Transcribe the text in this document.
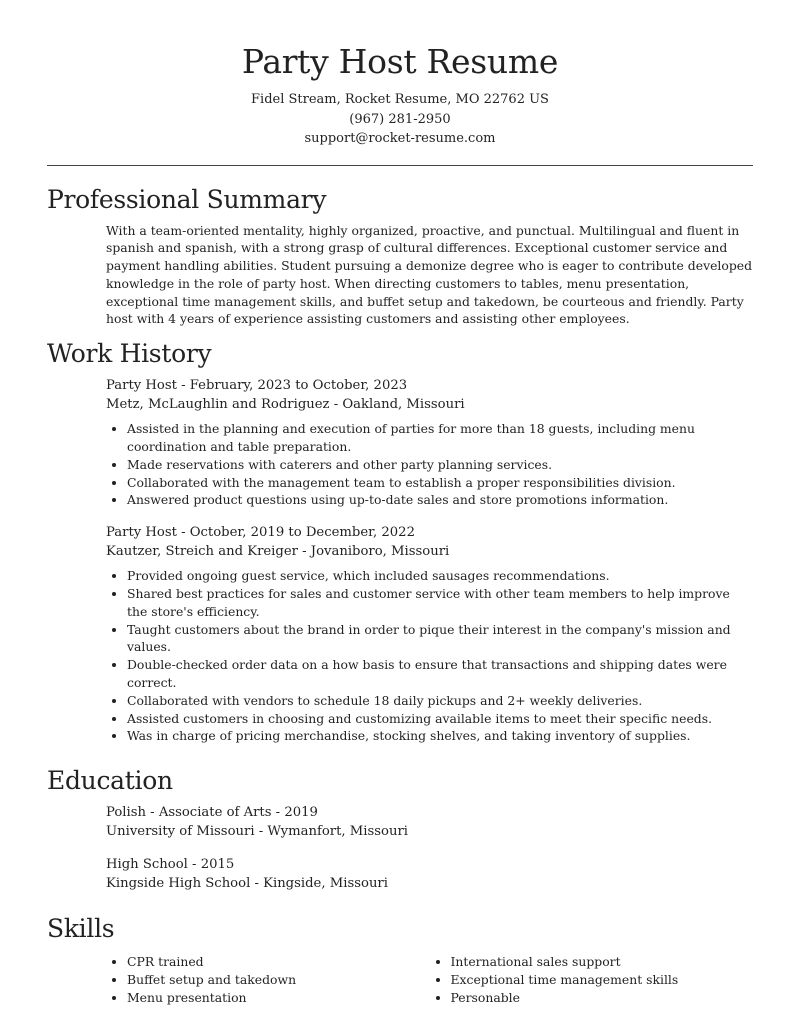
Party Host Resume
Fidel Stream, Rocket Resume, MO 22762 US
(967) 281-2950
support@rocket-resume.com
Professional Summary
With a team-oriented mentality, highly organized, proactive, and punctual. Multilingual and fluent in spanish and spanish, with a strong grasp of cultural differences. Exceptional customer service and payment handling abilities. Student pursuing a demonize degree who is eager to contribute developed knowledge in the role of party host. When directing customers to tables, menu presentation, exceptional time management skills, and buffet setup and takedown, be courteous and friendly. Party host with 4 years of experience assisting customers and assisting other employees.
Work History
Party Host - February, 2023 to October, 2023
Metz, McLaughlin and Rodriguez - Oakland, Missouri
• Assisted in the planning and execution of parties for more than 18 guests, including menu coordination and table preparation.
• Made reservations with caterers and other party planning services.
• Collaborated with the management team to establish a proper responsibilities division.
• Answered product questions using up-to-date sales and store promotions information.
Party Host - October, 2019 to December, 2022
Kautzer, Streich and Kreiger - Jovaniboro, Missouri
• Provided ongoing guest service, which included sausages recommendations.
• Shared best practices for sales and customer service with other team members to help improve the store's efficiency.
• Taught customers about the brand in order to pique their interest in the company's mission and values.
• Double-checked order data on a how basis to ensure that transactions and shipping dates were correct.
• Collaborated with vendors to schedule 18 daily pickups and 2+ weekly deliveries.
• Assisted customers in choosing and customizing available items to meet their specific needs.
• Was in charge of pricing merchandise, stocking shelves, and taking inventory of supplies.
Education
Polish - Associate of Arts - 2019
University of Missouri - Wymanfort, Missouri
High School - 2015
Kingside High School - Kingside, Missouri
Skills
• CPR trained
• Buffet setup and takedown
• Menu presentation
• International sales support
• Exceptional time management skills
• Personable
